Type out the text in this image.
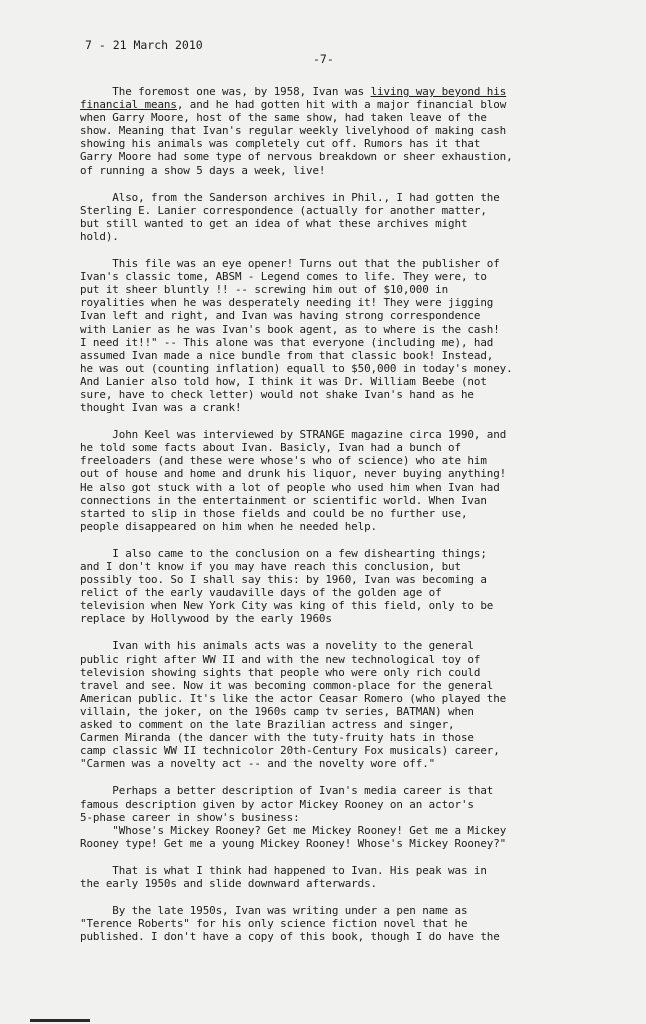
7 - 21 March 2010
-7-

The foremost one was, by 1958, Ivan was living way beyond his
financial means, and he had gotten hit with a major financial blow
when Garry Moore, host of the same show, had taken leave of the
show. Meaning that Ivan's regular weekly livelyhood of making cash
showing his animals was completely cut off. Rumors has it that
Garry Moore had some type of nervous breakdown or sheer exhaustion,
of running a show 5 days a week, live!

Also, from the Sanderson archives in Phil., I had gotten the
Sterling E. Lanier correspondence (actually for another matter,
but still wanted to get an idea of what these archives might
hold).

This file was an eye opener! Turns out that the publisher of
Ivan's classic tome, ABSM - Legend comes to life. They were, to
put it sheer bluntly !! -- screwing him out of $10,000 in
royalities when he was desperately needing it! They were jigging
Ivan left and right, and Ivan was having strong correspondence
with Lanier as he was Ivan's book agent, as to where is the cash!
I need it!!" -- This alone was that everyone (including me), had
assumed Ivan made a nice bundle from that classic book! Instead,
he was out (counting inflation) equall to $50,000 in today's money.
And Lanier also told how, I think it was Dr. William Beebe (not
sure, have to check letter) would not shake Ivan's hand as he
thought Ivan was a crank!

John Keel was interviewed by STRANGE magazine circa 1990, and
he told some facts about Ivan. Basicly, Ivan had a bunch of
freeloaders (and these were whose's who of science) who ate him
out of house and home and drunk his liquor, never buying anything!
He also got stuck with a lot of people who used him when Ivan had
connections in the entertainment or scientific world. When Ivan
started to slip in those fields and could be no further use,
people disappeared on him when he needed help.

I also came to the conclusion on a few dishearting things;
and I don't know if you may have reach this conclusion, but
possibly too. So I shall say this: by 1960, Ivan was becoming a
relict of the early vaudaville days of the golden age of
television when New York City was king of this field, only to be
replace by Hollywood by the early 1960s

Ivan with his animals acts was a novelity to the general
public right after WW II and with the new technological toy of
television showing sights that people who were only rich could
travel and see. Now it was becoming common-place for the general
American public. It's like the actor Ceasar Romero (who played the
villain, the joker, on the 1960s camp tv series, BATMAN) when
asked to comment on the late Brazilian actress and singer,
Carmen Miranda (the dancer with the tuty-fruity hats in those
camp classic WW II technicolor 20th-Century Fox musicals) career,
"Carmen was a novelty act -- and the novelty wore off."

Perhaps a better description of Ivan's media career is that
famous description given by actor Mickey Rooney on an actor's
5-phase career in show's business:
"Whose's Mickey Rooney? Get me Mickey Rooney! Get me a Mickey
Rooney type! Get me a young Mickey Rooney! Whose's Mickey Rooney?"

That is what I think had happened to Ivan. His peak was in
the early 1950s and slide downward afterwards.

By the late 1950s, Ivan was writing under a pen name as
"Terence Roberts" for his only science fiction novel that he
published. I don't have a copy of this book, though I do have the
